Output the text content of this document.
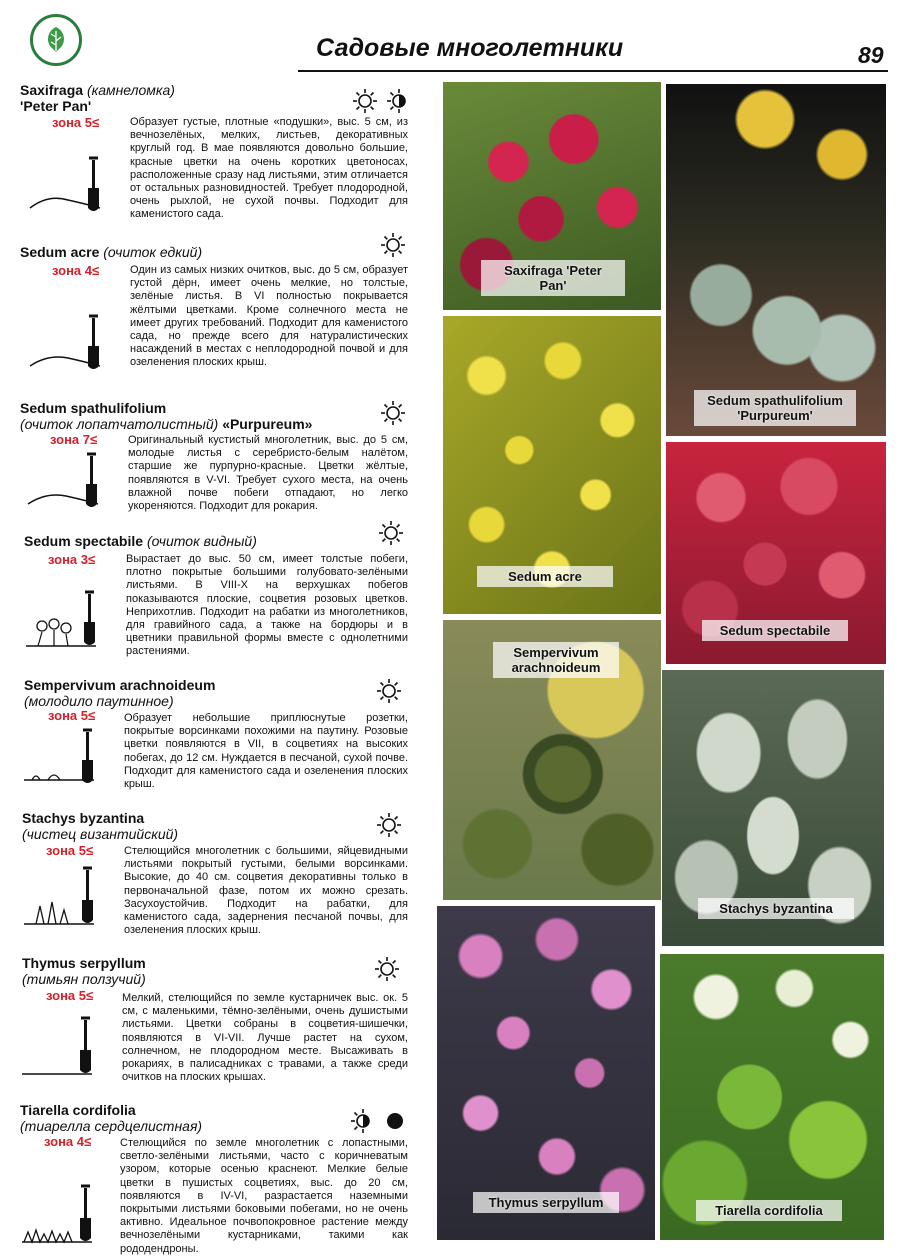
Садовые многолетники	89
Saxifraga (камнеломка)
'Peter Pan'
зона 5≤	Образует густые, плотные «подушки», выс. 5 см, из вечнозелёных, мелких, листьев, декоративных круглый год. В мае появляются довольно большие, красные цветки на очень коротких цветоносах, расположенные сразу над листьями, этим отличается от остальных разновидностей. Требует плодородной, очень рыхлой, не сухой почвы. Подходит для каменистого сада.
Sedum acre (очиток едкий)
зона 4≤	Один из самых низких очитков, выс. до 5 см, образует густой дёрн, имеет очень мелкие, но толстые, зелёные листья. В VI полностью покрывается жёлтыми цветками. Кроме солнечного места не имеет других требований. Подходит для каменистого сада, но прежде всего для натуралистических насаждений в местах с неплодородной почвой и для озеленения плоских крыш.
Sedum spathulifolium
(очиток лопатчатолистный) «Purpureum»
зона 7≤	Оригинальный кустистый многолетник, выс. до 5 см, молодые листья с серебристо-белым налётом, старшие же пурпурно-красные. Цветки жёлтые, появляются в V-VI. Требует сухого места, на очень влажной почве побеги отпадают, но легко укореняются. Подходит для рокария.
Sedum spectabile (очиток видный)
зона 3≤	Вырастает до выс. 50 см, имеет толстые побеги, плотно покрытые большими голубовато-зелёными листьями. В VIII-X на верхушках побегов показываются плоские, соцветия розовых цветков. Неприхотлив. Подходит на рабатки из многолетников, для гравийного сада, а также на бордюры и в цветники правильной формы вместе с однолетними растениями.
Sempervivum arachnoideum
(молодило паутинное)
зона 5≤	Образует небольшие приплюснутые розетки, покрытые ворсинками похожими на паутину. Розовые цветки появляются в VII, в соцветиях на высоких побегах, до 12 см. Нуждается в песчаной, сухой почве. Подходит для каменистого сада и озеленения плоских крыш.
Stachys byzantina
(чистец византийский)
зона 5≤	Стелющийся многолетник с большими, яйцевидными листьями покрытый густыми, белыми ворсинками. Высокие, до 40 см. соцветия декоративны только в первоначальной фазе, потом их можно срезать. Засухоустойчив. Подходит на рабатки, для каменистого сада, задернения песчаной почвы, для озеленения плоских крыш.
Thymus serpyllum
(тимьян ползучий)
зона 5≤	Мелкий, стелющийся по земле кустарничек выс. ок. 5 см, с маленькими, тёмно-зелёными, очень душистыми листьями. Цветки собраны в соцветия-шишечки, появляются в VI-VII. Лучше растет на сухом, солнечном, не плодородном месте. Высаживать в рокариях, в палисадниках с травами, а также среди очитков на плоских крышах.
Tiarella cordifolia
(тиарелла сердцелистная)
зона 4≤	Стелющийся по земле многолетник с лопастными, светло-зелёными листьями, часто с коричневатым узором, которые осенью краснеют. Мелкие белые цветки в пушистых соцветиях, выс. до 20 см, появляются в IV-VI, разрастается наземными покрытыми листьями боковыми побегами, но не очень активно. Идеальное почвопокровное растение между вечнозелёными кустарниками, такими как рододендроны.
Saxifraga 'Peter Pan'
Sedum spathulifolium 'Purpureum'
Sedum acre
Sedum spectabile
Sempervivum arachnoideum
Stachys byzantina
Thymus serpyllum
Tiarella cordifolia
